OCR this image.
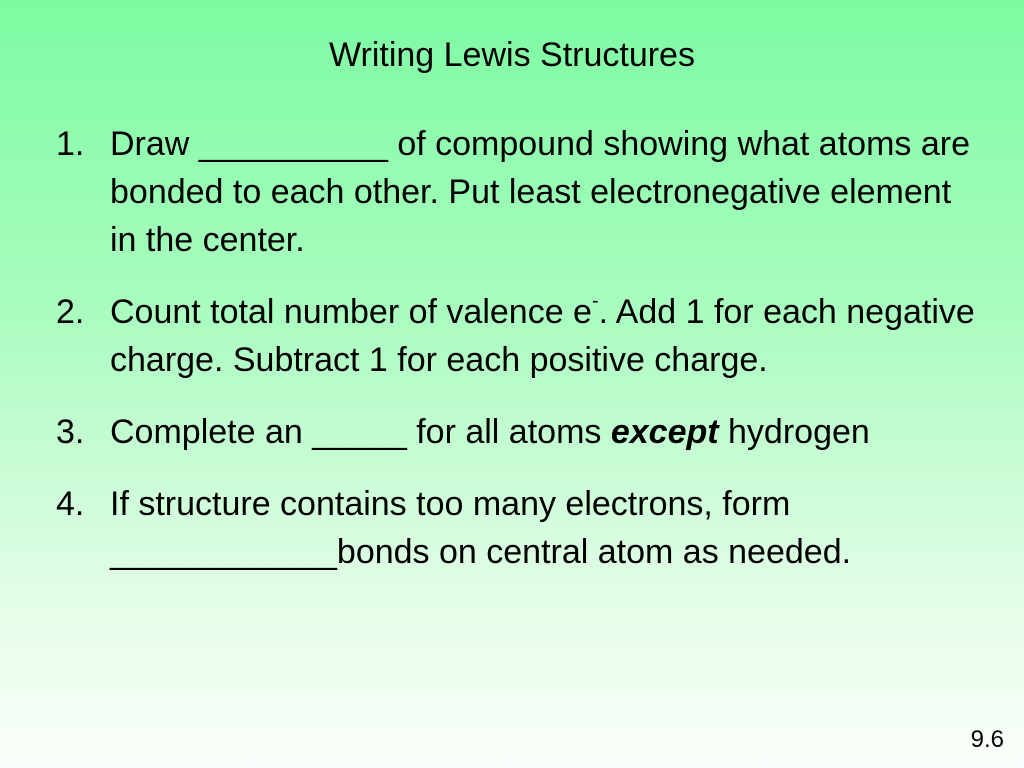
Writing Lewis Structures
1. Draw __________ of compound showing what atoms are bonded to each other. Put least electronegative element in the center.
2. Count total number of valence e-. Add 1 for each negative charge. Subtract 1 for each positive charge.
3. Complete an _____ for all atoms except hydrogen
4. If structure contains too many electrons, form ____________bonds on central atom as needed.
9.6
